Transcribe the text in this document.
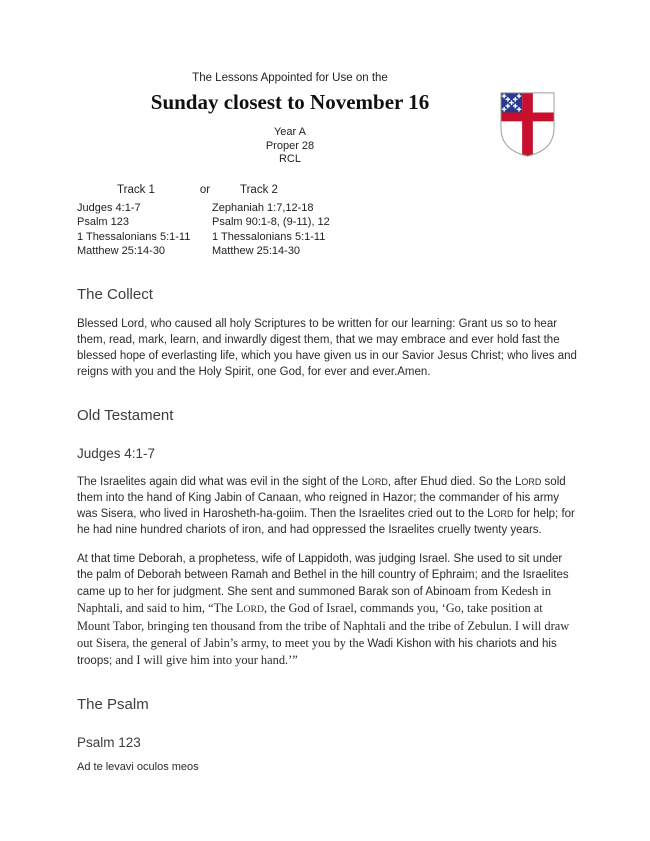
The Lessons Appointed for Use on the
Sunday closest to November 16
Year A
Proper 28
RCL
Track 1	or	Track 2
Judges 4:1-7
Psalm 123
1 Thessalonians 5:1-11
Matthew 25:14-30
Zephaniah 1:7,12-18
Psalm 90:1-8, (9-11), 12
1 Thessalonians 5:1-11
Matthew 25:14-30
The Collect

Blessed Lord, who caused all holy Scriptures to be written for our learning: Grant us so to hear them, read, mark, learn, and inwardly digest them, that we may embrace and ever hold fast the blessed hope of everlasting life, which you have given us in our Savior Jesus Christ; who lives and reigns with you and the Holy Spirit, one God, for ever and ever.Amen.

Old Testament
Judges 4:1-7

The Israelites again did what was evil in the sight of the LORD, after Ehud died. So the LORD sold them into the hand of King Jabin of Canaan, who reigned in Hazor; the commander of his army was Sisera, who lived in Harosheth-ha-goiim. Then the Israelites cried out to the LORD for help; for he had nine hundred chariots of iron, and had oppressed the Israelites cruelly twenty years.

At that time Deborah, a prophetess, wife of Lappidoth, was judging Israel. She used to sit under the palm of Deborah between Ramah and Bethel in the hill country of Ephraim; and the Israelites came up to her for judgment. She sent and summoned Barak son of Abinoam from Kedesh in Naphtali, and said to him, “The LORD, the God of Israel, commands you, ‘Go, take position at Mount Tabor, bringing ten thousand from the tribe of Naphtali and the tribe of Zebulun. I will draw out Sisera, the general of Jabin’s army, to meet you by the Wadi Kishon with his chariots and his troops; and I will give him into your hand.’”

The Psalm
Psalm 123
Ad te levavi oculos meos
